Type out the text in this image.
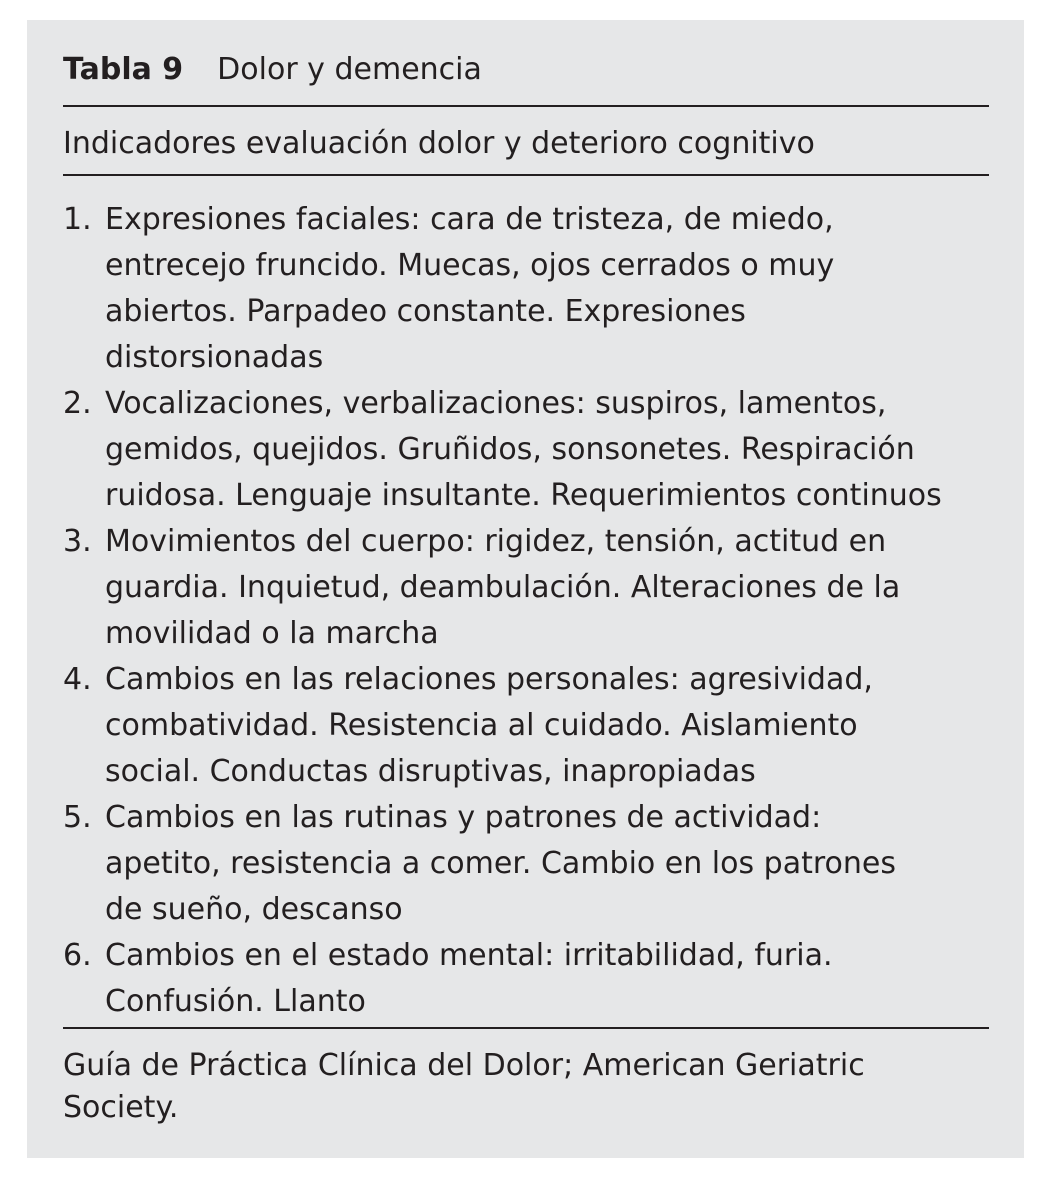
Tabla 9 Dolor y demencia
Indicadores evaluación dolor y deterioro cognitivo
1. Expresiones faciales: cara de tristeza, de miedo,
entrecejo fruncido. Muecas, ojos cerrados o muy
abiertos. Parpadeo constante. Expresiones
distorsionadas
2. Vocalizaciones, verbalizaciones: suspiros, lamentos,
gemidos, quejidos. Gruñidos, sonsonetes. Respiración
ruidosa. Lenguaje insultante. Requerimientos continuos
3. Movimientos del cuerpo: rigidez, tensión, actitud en
guardia. Inquietud, deambulación. Alteraciones de la
movilidad o la marcha
4. Cambios en las relaciones personales: agresividad,
combatividad. Resistencia al cuidado. Aislamiento
social. Conductas disruptivas, inapropiadas
5. Cambios en las rutinas y patrones de actividad:
apetito, resistencia a comer. Cambio en los patrones
de sueño, descanso
6. Cambios en el estado mental: irritabilidad, furia.
Confusión. Llanto
Guía de Práctica Clínica del Dolor; American Geriatric
Society.
